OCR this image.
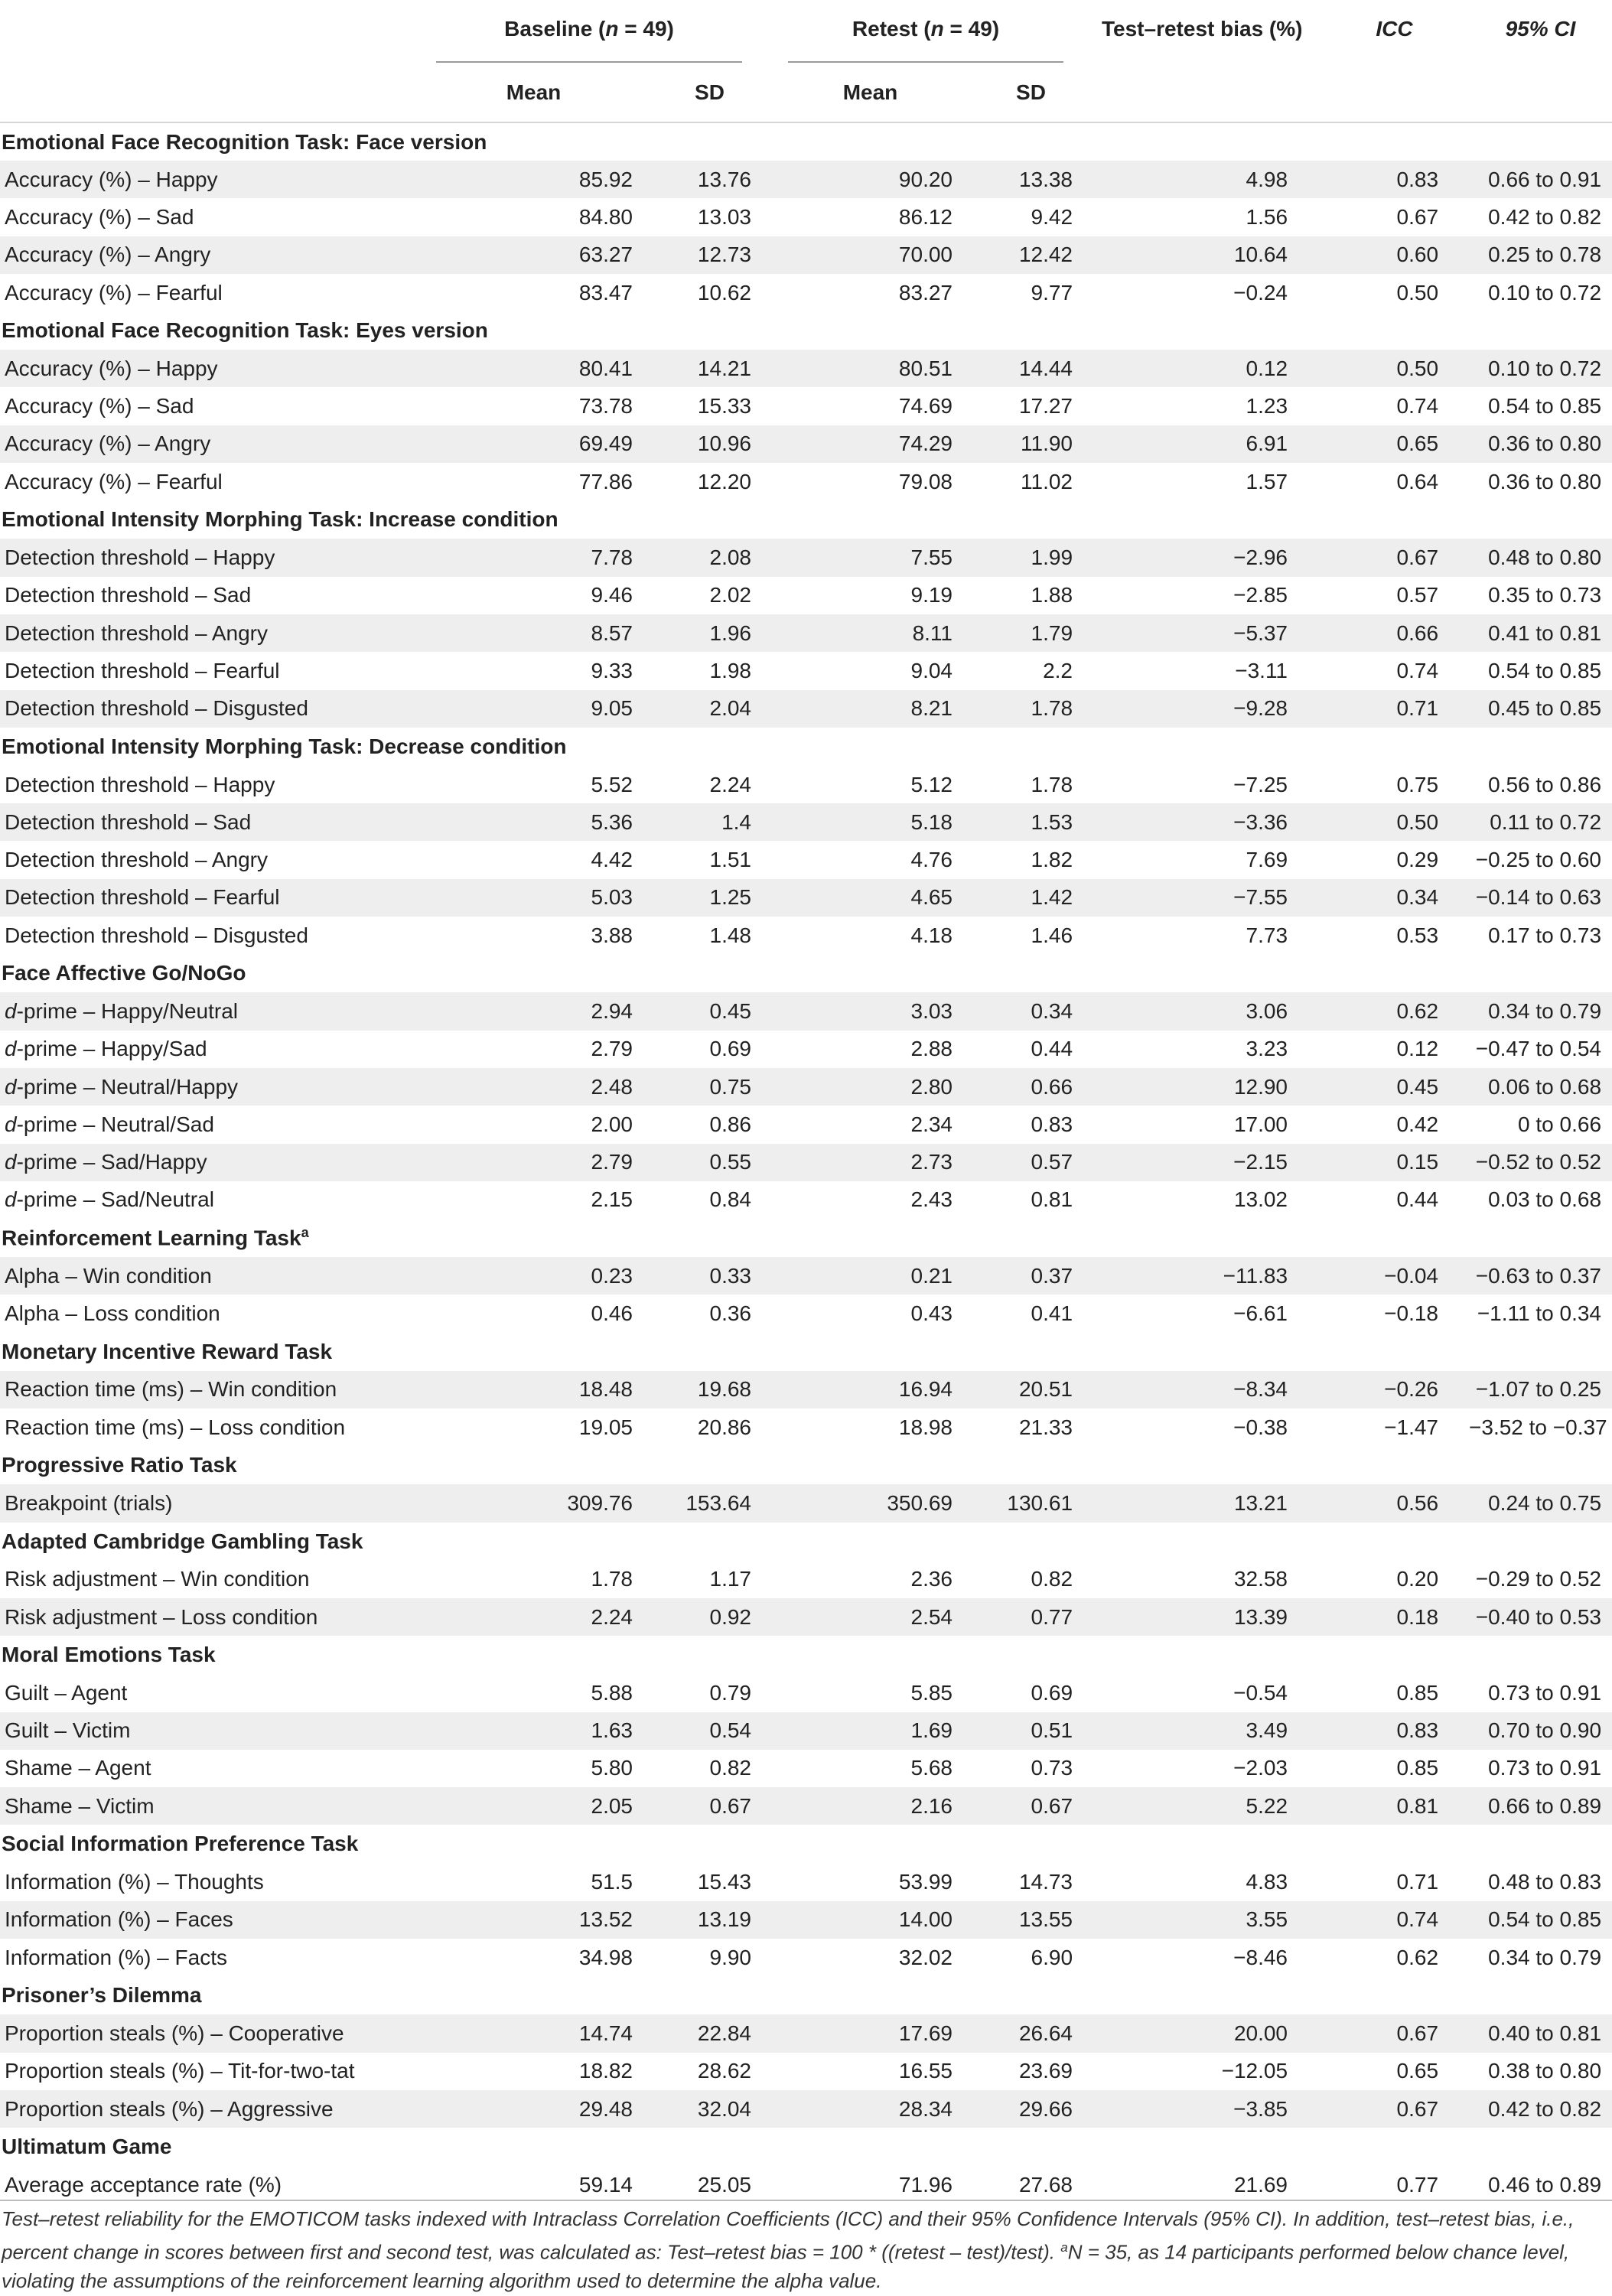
	Baseline (n = 49)		Retest (n = 49)		Test–retest bias (%)	ICC	95% CI
	Mean	SD	Mean	SD			
Emotional Face Recognition Task: Face version							
Accuracy (%) – Happy	85.92	13.76	90.20	13.38	4.98	0.83	0.66 to 0.91
Accuracy (%) – Sad	84.80	13.03	86.12	9.42	1.56	0.67	0.42 to 0.82
Accuracy (%) – Angry	63.27	12.73	70.00	12.42	10.64	0.60	0.25 to 0.78
Accuracy (%) – Fearful	83.47	10.62	83.27	9.77	−0.24	0.50	0.10 to 0.72
Emotional Face Recognition Task: Eyes version							
Accuracy (%) – Happy	80.41	14.21	80.51	14.44	0.12	0.50	0.10 to 0.72
Accuracy (%) – Sad	73.78	15.33	74.69	17.27	1.23	0.74	0.54 to 0.85
Accuracy (%) – Angry	69.49	10.96	74.29	11.90	6.91	0.65	0.36 to 0.80
Accuracy (%) – Fearful	77.86	12.20	79.08	11.02	1.57	0.64	0.36 to 0.80
Emotional Intensity Morphing Task: Increase condition							
Detection threshold – Happy	7.78	2.08	7.55	1.99	−2.96	0.67	0.48 to 0.80
Detection threshold – Sad	9.46	2.02	9.19	1.88	−2.85	0.57	0.35 to 0.73
Detection threshold – Angry	8.57	1.96	8.11	1.79	−5.37	0.66	0.41 to 0.81
Detection threshold – Fearful	9.33	1.98	9.04	2.2	−3.11	0.74	0.54 to 0.85
Detection threshold – Disgusted	9.05	2.04	8.21	1.78	−9.28	0.71	0.45 to 0.85
Emotional Intensity Morphing Task: Decrease condition							
Detection threshold – Happy	5.52	2.24	5.12	1.78	−7.25	0.75	0.56 to 0.86
Detection threshold – Sad	5.36	1.4	5.18	1.53	−3.36	0.50	0.11 to 0.72
Detection threshold – Angry	4.42	1.51	4.76	1.82	7.69	0.29	−0.25 to 0.60
Detection threshold – Fearful	5.03	1.25	4.65	1.42	−7.55	0.34	−0.14 to 0.63
Detection threshold – Disgusted	3.88	1.48	4.18	1.46	7.73	0.53	0.17 to 0.73
Face Affective Go/NoGo							
d-prime – Happy/Neutral	2.94	0.45	3.03	0.34	3.06	0.62	0.34 to 0.79
d-prime – Happy/Sad	2.79	0.69	2.88	0.44	3.23	0.12	−0.47 to 0.54
d-prime – Neutral/Happy	2.48	0.75	2.80	0.66	12.90	0.45	0.06 to 0.68
d-prime – Neutral/Sad	2.00	0.86	2.34	0.83	17.00	0.42	0 to 0.66
d-prime – Sad/Happy	2.79	0.55	2.73	0.57	−2.15	0.15	−0.52 to 0.52
d-prime – Sad/Neutral	2.15	0.84	2.43	0.81	13.02	0.44	0.03 to 0.68
Reinforcement Learning Task$^a$
Alpha – Win condition	0.23	0.33	0.21	0.37	−11.83	−0.04	−0.63 to 0.37
Alpha – Loss condition	0.46	0.36	0.43	0.41	−6.61	−0.18	−1.11 to 0.34
Monetary Incentive Reward Task							
Reaction time (ms) – Win condition	18.48	19.68	16.94	20.51	−8.34	−0.26	−1.07 to 0.25
Reaction time (ms) – Loss condition	19.05	20.86	18.98	21.33	−0.38	−1.47	−3.52 to −0.37
Progressive Ratio Task							
Breakpoint (trials)	309.76	153.64	350.69	130.61	13.21	0.56	0.24 to 0.75
Adapted Cambridge Gambling Task							
Risk adjustment – Win condition	1.78	1.17	2.36	0.82	32.58	0.20	−0.29 to 0.52
Risk adjustment – Loss condition	2.24	0.92	2.54	0.77	13.39	0.18	−0.40 to 0.53
Moral Emotions Task							
Guilt – Agent	5.88	0.79	5.85	0.69	−0.54	0.85	0.73 to 0.91
Guilt – Victim	1.63	0.54	1.69	0.51	3.49	0.83	0.70 to 0.90
Shame – Agent	5.80	0.82	5.68	0.73	−2.03	0.85	0.73 to 0.91
Shame – Victim	2.05	0.67	2.16	0.67	5.22	0.81	0.66 to 0.89
Social Information Preference Task							
Information (%) – Thoughts	51.5	15.43	53.99	14.73	4.83	0.71	0.48 to 0.83
Information (%) – Faces	13.52	13.19	14.00	13.55	3.55	0.74	0.54 to 0.85
Information (%) – Facts	34.98	9.90	32.02	6.90	−8.46	0.62	0.34 to 0.79
Prisoner’s Dilemma							
Proportion steals (%) – Cooperative	14.74	22.84	17.69	26.64	20.00	0.67	0.40 to 0.81
Proportion steals (%) – Tit-for-two-tat	18.82	28.62	16.55	23.69	−12.05	0.65	0.38 to 0.80
Proportion steals (%) – Aggressive	29.48	32.04	28.34	29.66	−3.85	0.67	0.42 to 0.82
Ultimatum Game							
Average acceptance rate (%)	59.14	25.05	71.96	27.68	21.69	0.77	0.46 to 0.89
Test–retest reliability for the EMOTICOM tasks indexed with Intraclass Correlation Coefficients (ICC) and their 95% Confidence Intervals (95% CI). In addition, test–retest bias, i.e., percent change in scores between first and second test, was calculated as: Test–retest bias = 100 * ((retest – test)/test). $^a$N = 35, as 14 participants performed below chance level, violating the assumptions of the reinforcement learning algorithm used to determine the alpha value.
